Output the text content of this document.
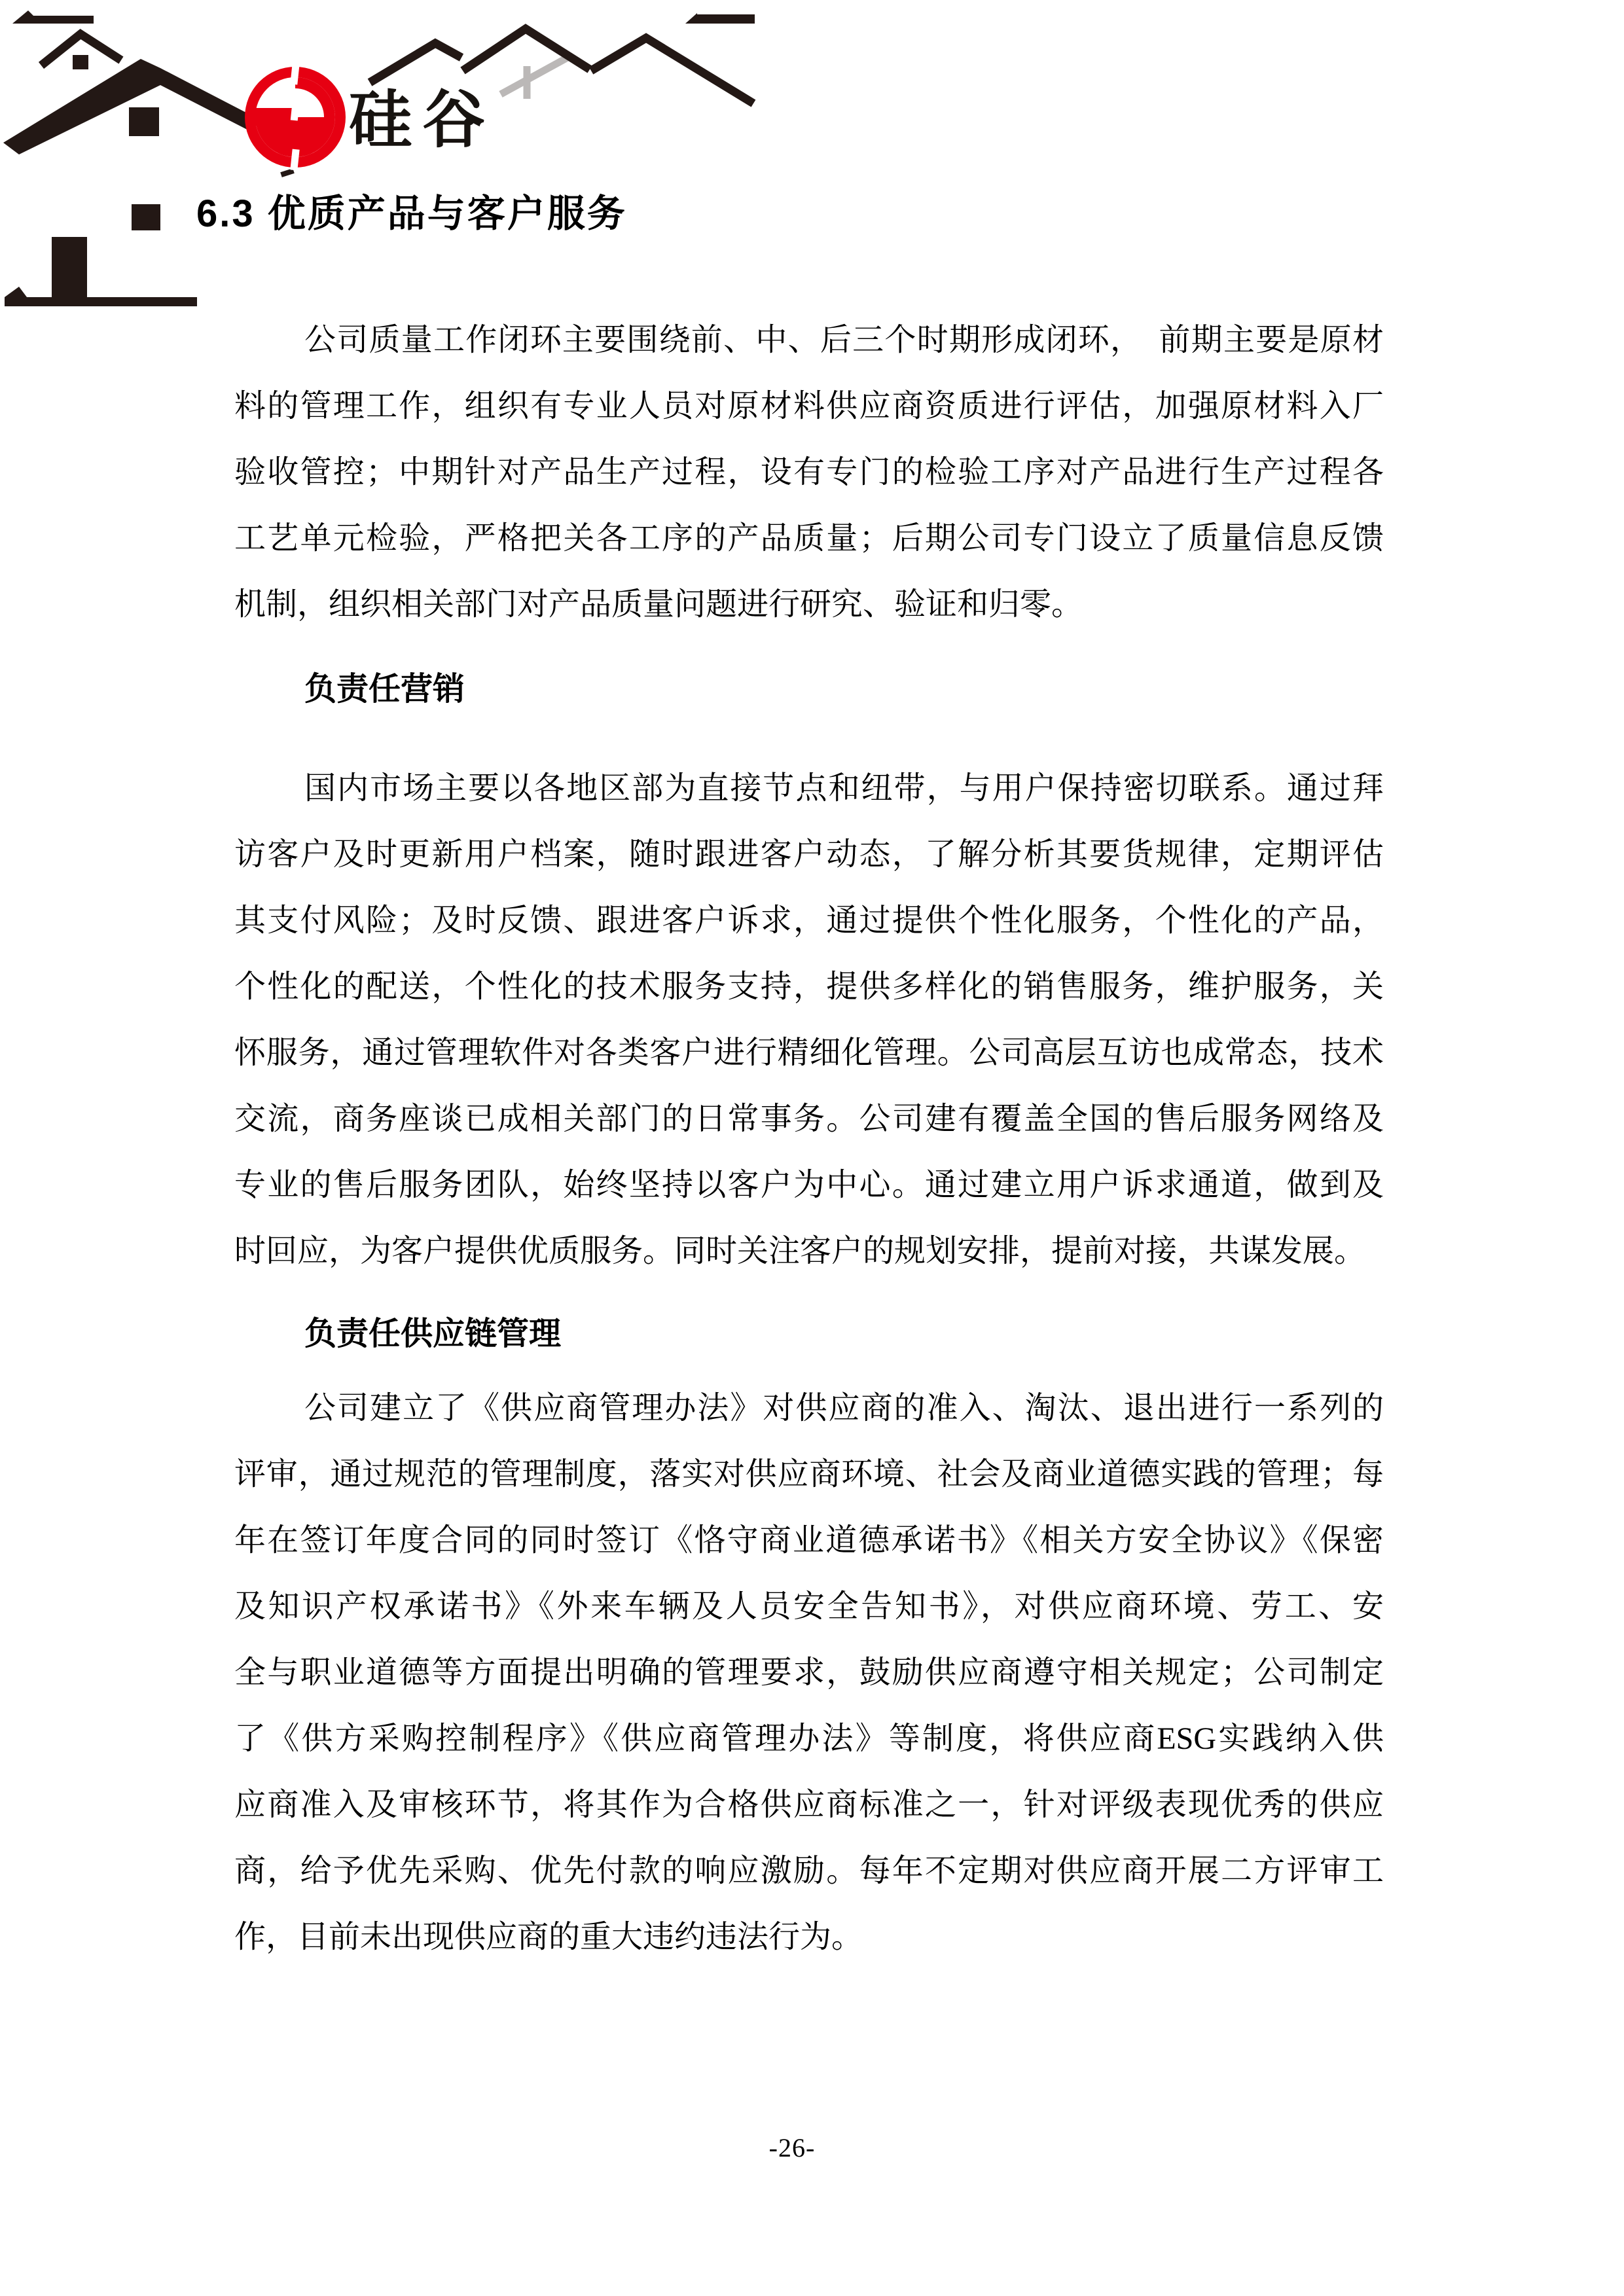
硅谷
6.3 优质产品与客户服务
公司质量工作闭环主要围绕前、中、后三个时期形成闭环，　前期主要是原材
料的管理工作，组织有专业人员对原材料供应商资质进行评估，加强原材料入厂
验收管控；中期针对产品生产过程，设有专门的检验工序对产品进行生产过程各
工艺单元检验，严格把关各工序的产品质量；后期公司专门设立了质量信息反馈
机制，组织相关部门对产品质量问题进行研究、验证和归零。
负责任营销
国内市场主要以各地区部为直接节点和纽带，与用户保持密切联系。通过拜
访客户及时更新用户档案，随时跟进客户动态，了解分析其要货规律，定期评估
其支付风险；及时反馈、跟进客户诉求，通过提供个性化服务，个性化的产品，
个性化的配送，个性化的技术服务支持，提供多样化的销售服务，维护服务，关
怀服务，通过管理软件对各类客户进行精细化管理。公司高层互访也成常态，技术
交流，商务座谈已成相关部门的日常事务。公司建有覆盖全国的售后服务网络及
专业的售后服务团队，始终坚持以客户为中心。通过建立用户诉求通道，做到及
时回应，为客户提供优质服务。同时关注客户的规划安排，提前对接，共谋发展。
负责任供应链管理
公司建立了《供应商管理办法》对供应商的准入、淘汰、退出进行一系列的
评审，通过规范的管理制度，落实对供应商环境、社会及商业道德实践的管理；每
年在签订年度合同的同时签订《恪守商业道德承诺书》《相关方安全协议》《保密
及知识产权承诺书》《外来车辆及人员安全告知书》，对供应商环境、劳工、安
全与职业道德等方面提出明确的管理要求，鼓励供应商遵守相关规定；公司制定
了《供方采购控制程序》《供应商管理办法》等制度，将供应商ESG实践纳入供
应商准入及审核环节，将其作为合格供应商标准之一，针对评级表现优秀的供应
商，给予优先采购、优先付款的响应激励。每年不定期对供应商开展二方评审工
作，目前未出现供应商的重大违约违法行为。
-26-
